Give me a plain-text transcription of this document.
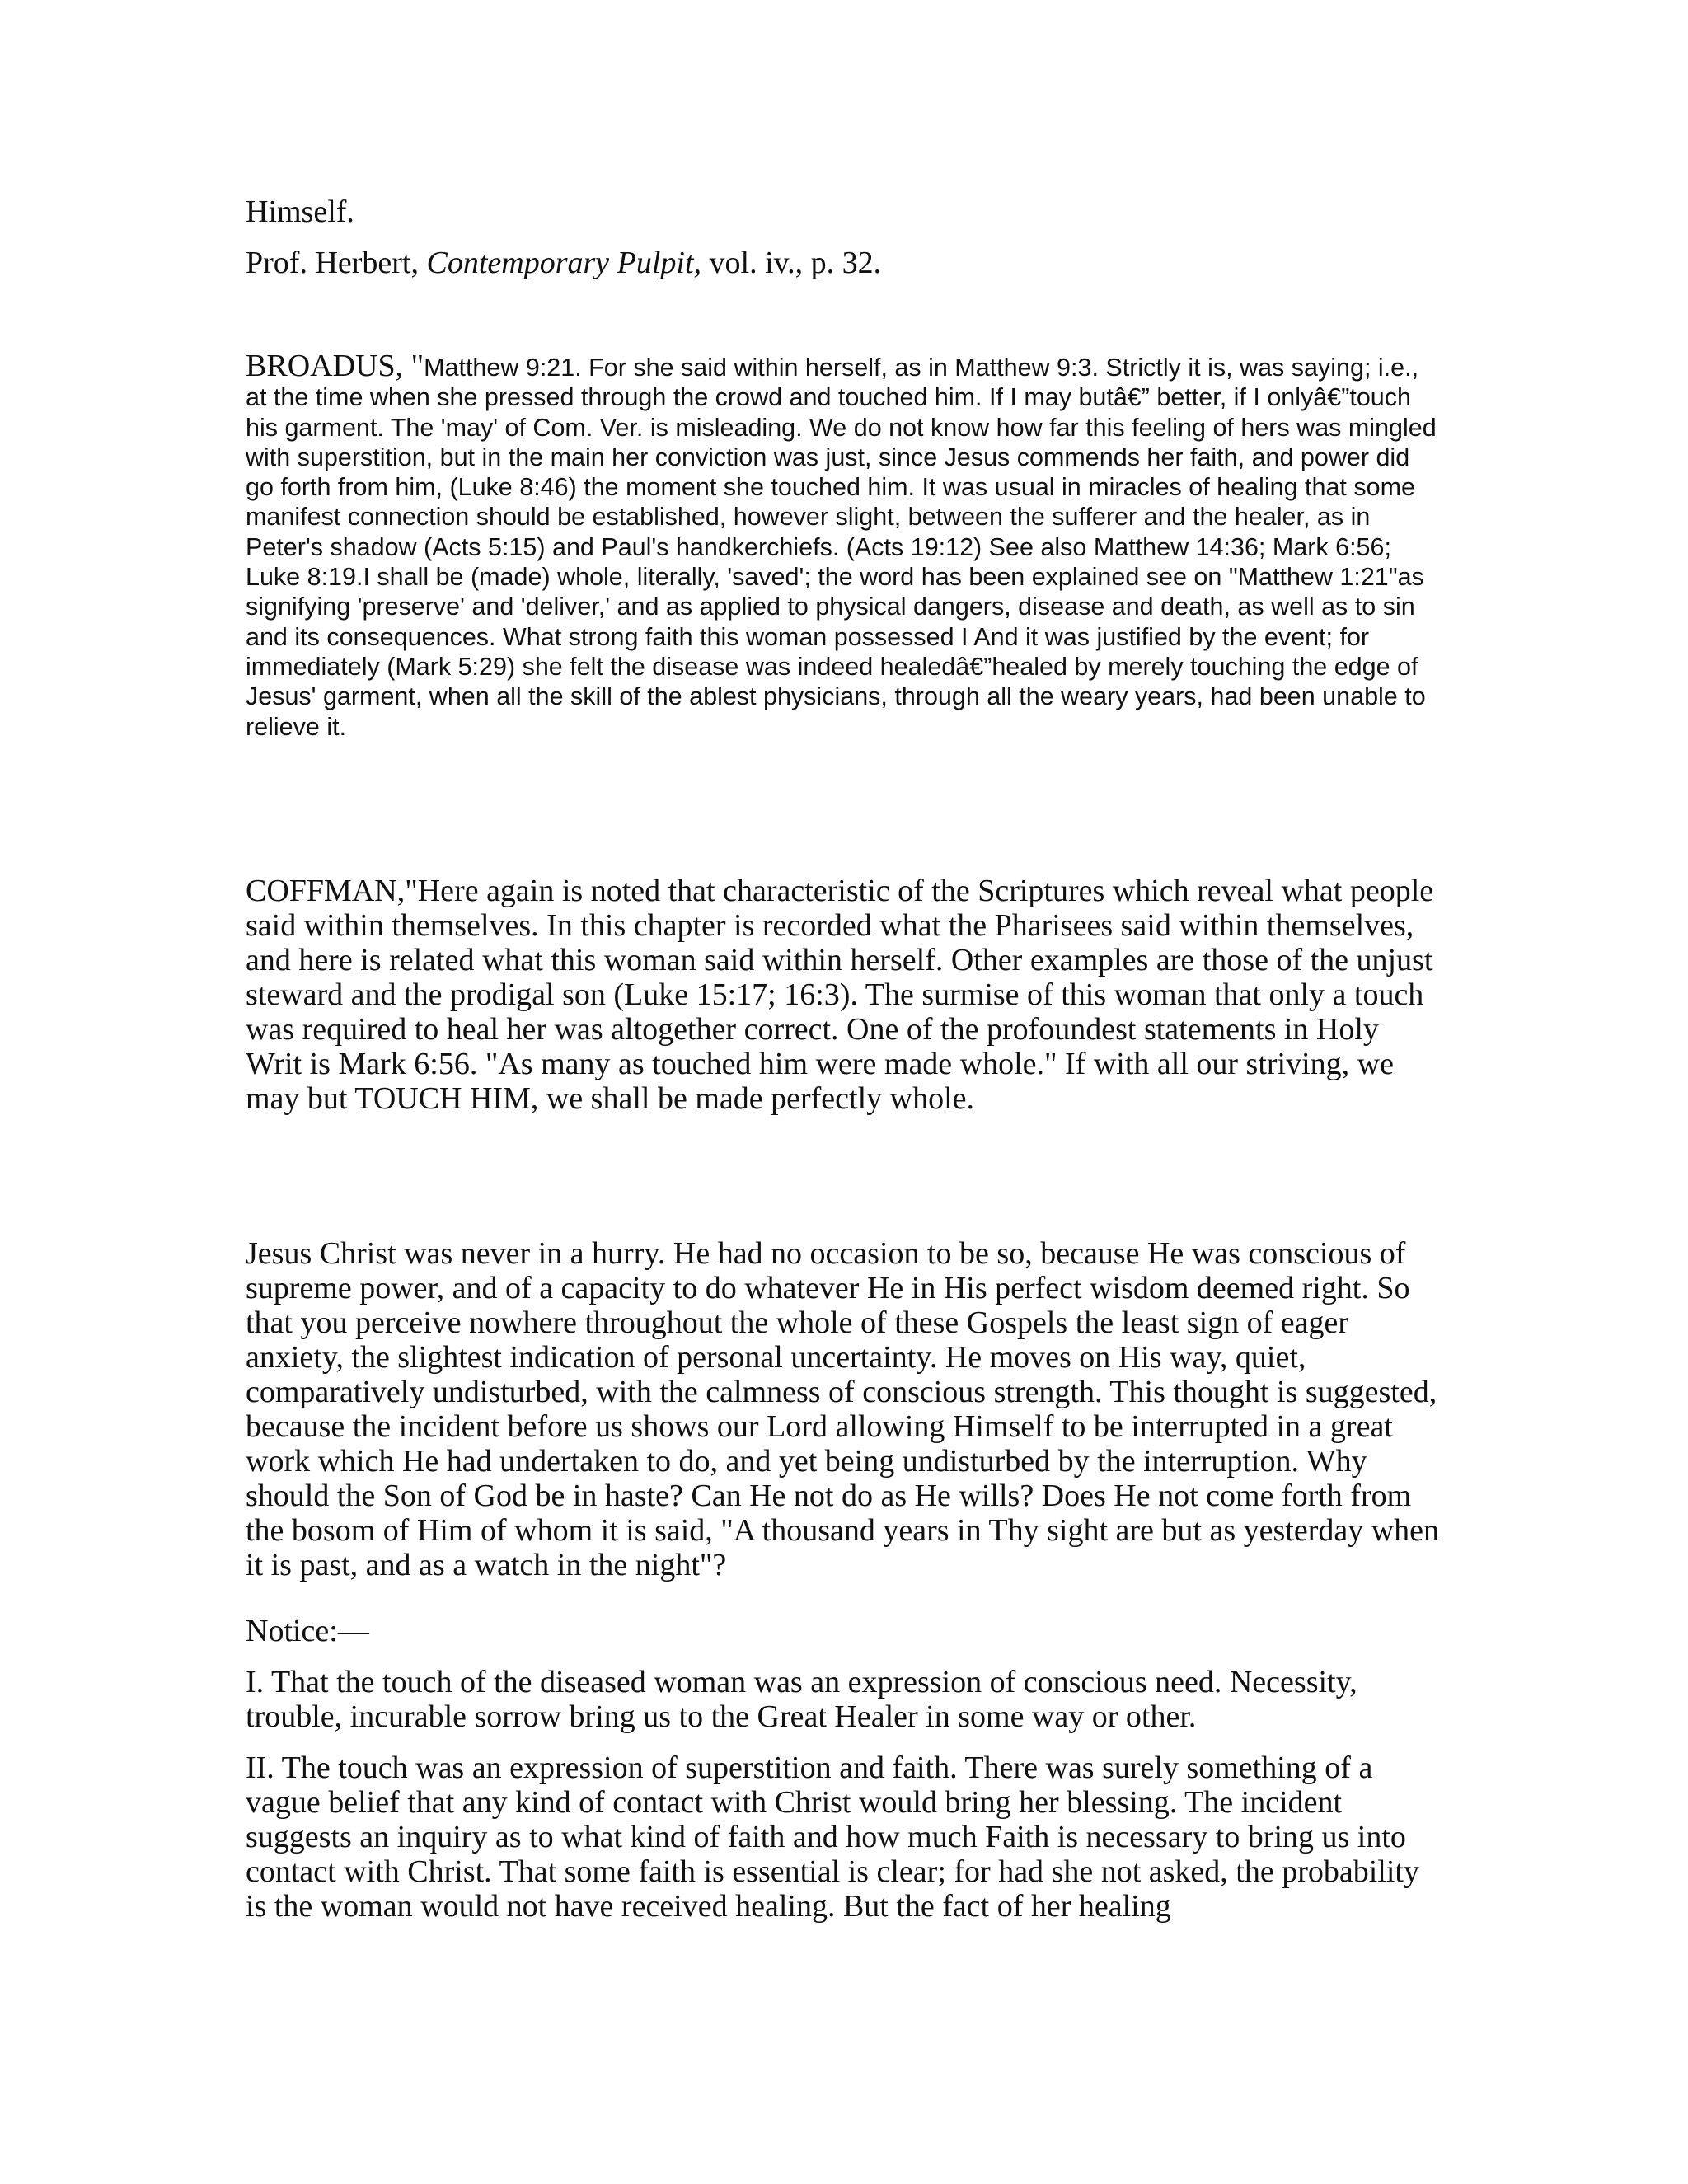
Himself.

Prof. Herbert, Contemporary Pulpit, vol. iv., p. 32.

BROADUS, "Matthew 9:21. For she said within herself, as in Matthew 9:3. Strictly it is, was saying; i.e., at the time when she pressed through the crowd and touched him. If I may butâ€” better, if I onlyâ€”touch his garment. The 'may' of Com. Ver. is misleading. We do not know how far this feeling of hers was mingled with superstition, but in the main her conviction was just, since Jesus commends her faith, and power did go forth from him, (Luke 8:46) the moment she touched him. It was usual in miracles of healing that some manifest connection should be established, however slight, between the sufferer and the healer, as in Peter's shadow (Acts 5:15) and Paul's handkerchiefs. (Acts 19:12) See also Matthew 14:36; Mark 6:56; Luke 8:19.I shall be (made) whole, literally, 'saved'; the word has been explained see on "Matthew 1:21"as signifying 'preserve' and 'deliver,' and as applied to physical dangers, disease and death, as well as to sin and its consequences. What strong faith this woman possessed I And it was justified by the event; for immediately (Mark 5:29) she felt the disease was indeed healedâ€”healed by merely touching the edge of Jesus' garment, when all the skill of the ablest physicians, through all the weary years, had been unable to relieve it.

COFFMAN,"Here again is noted that characteristic of the Scriptures which reveal what people said within themselves. In this chapter is recorded what the Pharisees said within themselves, and here is related what this woman said within herself. Other examples are those of the unjust steward and the prodigal son (Luke 15:17; 16:3). The surmise of this woman that only a touch was required to heal her was altogether correct. One of the profoundest statements in Holy Writ is Mark 6:56. "As many as touched him were made whole." If with all our striving, we may but TOUCH HIM, we shall be made perfectly whole.

Jesus Christ was never in a hurry. He had no occasion to be so, because He was conscious of supreme power, and of a capacity to do whatever He in His perfect wisdom deemed right. So that you perceive nowhere throughout the whole of these Gospels the least sign of eager anxiety, the slightest indication of personal uncertainty. He moves on His way, quiet, comparatively undisturbed, with the calmness of conscious strength. This thought is suggested, because the incident before us shows our Lord allowing Himself to be interrupted in a great work which He had undertaken to do, and yet being undisturbed by the interruption. Why should the Son of God be in haste? Can He not do as He wills? Does He not come forth from the bosom of Him of whom it is said, "A thousand years in Thy sight are but as yesterday when it is past, and as a watch in the night"?

Notice:—

I. That the touch of the diseased woman was an expression of conscious need. Necessity, trouble, incurable sorrow bring us to the Great Healer in some way or other.

II. The touch was an expression of superstition and faith. There was surely something of a vague belief that any kind of contact with Christ would bring her blessing. The incident suggests an inquiry as to what kind of faith and how much Faith is necessary to bring us into contact with Christ. That some faith is essential is clear; for had she not asked, the probability is the woman would not have received healing. But the fact of her healing
